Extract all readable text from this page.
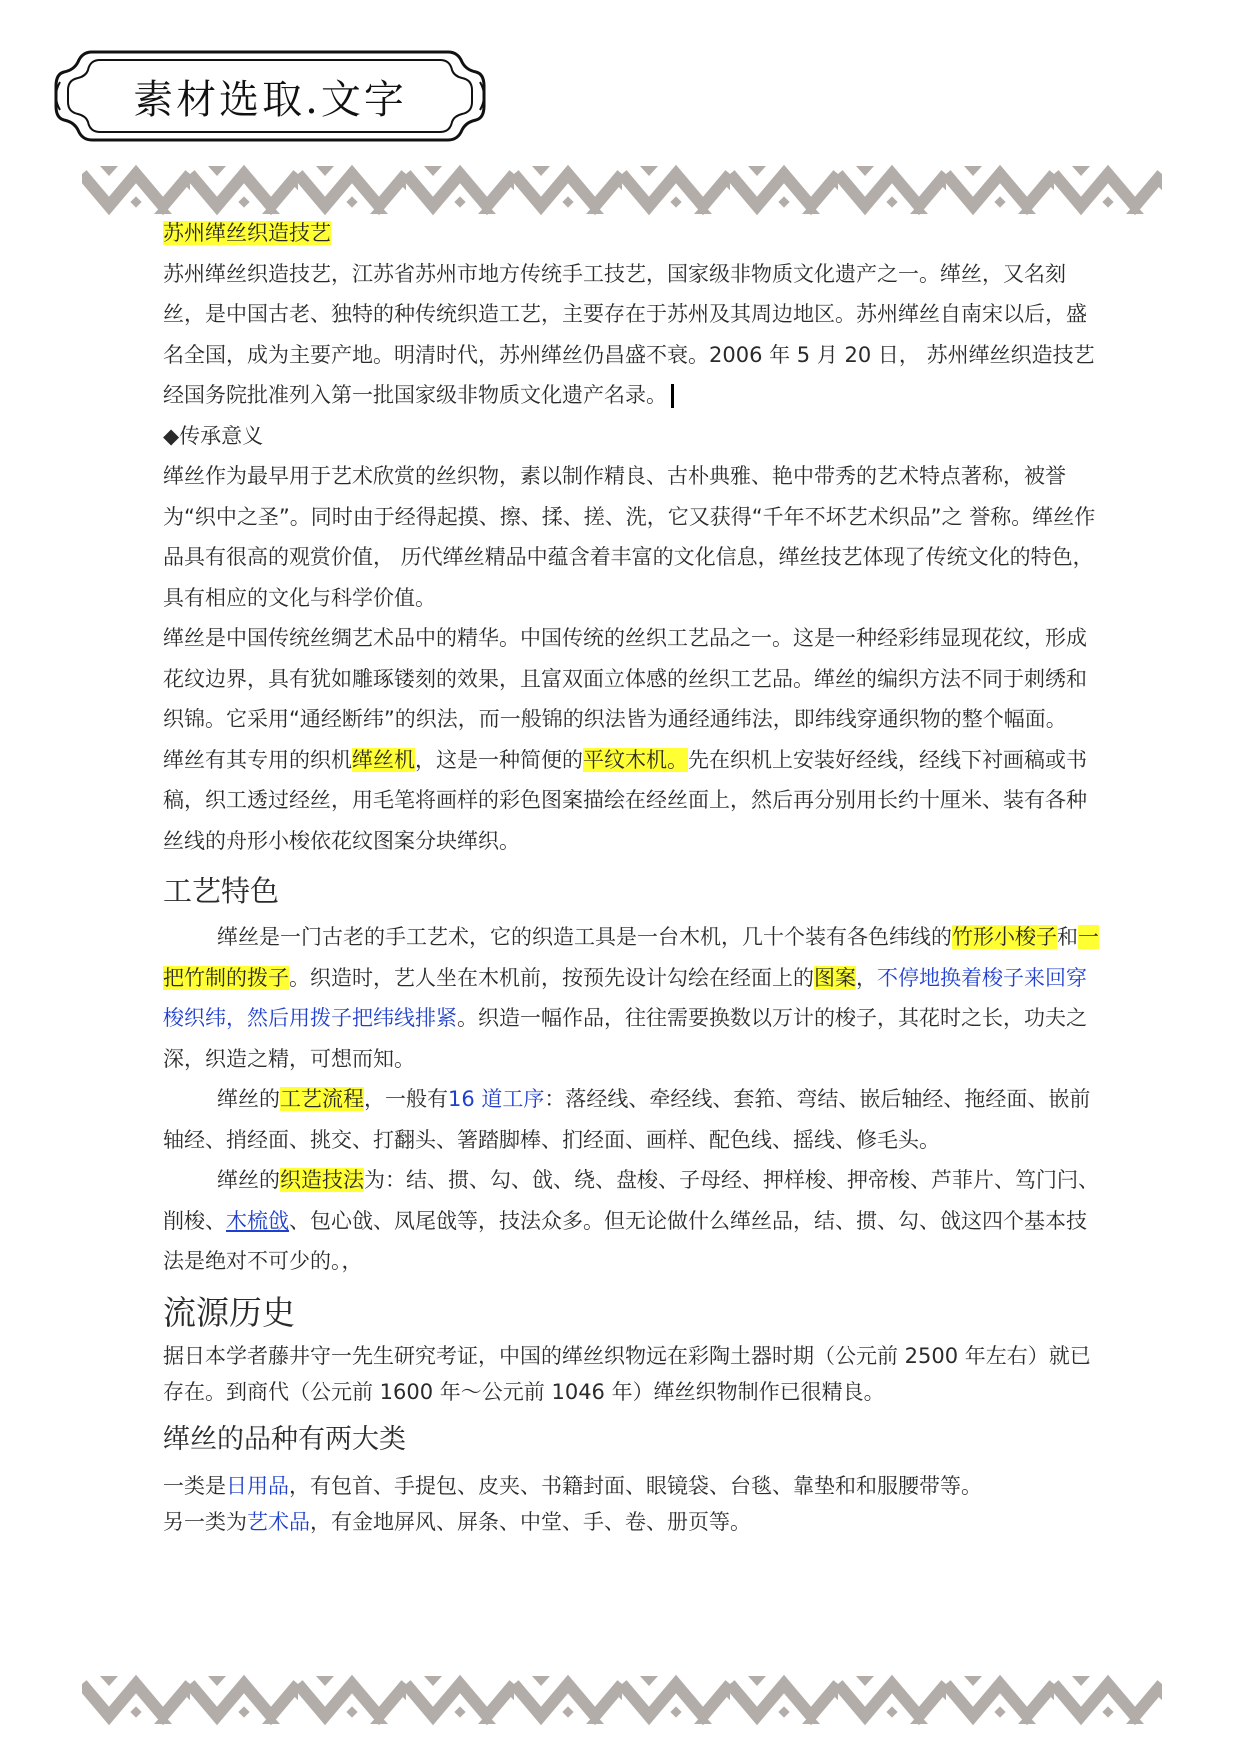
素材选取.文字

苏州缂丝织造技艺

苏州缂丝织造技艺，江苏省苏州市地方传统手工技艺，国家级非物质文化遗产之一。缂丝，又名刻丝，是中国古老、独特的种传统织造工艺，主要存在于苏州及其周边地区。苏州缂丝自南宋以后，盛名全国，成为主要产地。明清时代，苏州缂丝仍昌盛不衰。2006 年 5 月 20 日， 苏州缂丝织造技艺经国务院批准列入第一批国家级非物质文化遗产名录。

◆传承意义

缂丝作为最早用于艺术欣赏的丝织物，素以制作精良、古朴典雅、艳中带秀的艺术特点著称，被誉为“织中之圣”。同时由于经得起摸、擦、揉、搓、洗，它又获得“千年不坏艺术织品”之 誉称。缂丝作品具有很高的观赏价值， 历代缂丝精品中蕴含着丰富的文化信息，缂丝技艺体现了传统文化的特色，具有相应的文化与科学价值。

缂丝是中国传统丝绸艺术品中的精华。中国传统的丝织工艺品之一。这是一种经彩纬显现花纹，形成花纹边界，具有犹如雕琢镂刻的效果，且富双面立体感的丝织工艺品。缂丝的编织方法不同于刺绣和织锦。它采用“通经断纬”的织法，而一般锦的织法皆为通经通纬法，即纬线穿通织物的整个幅面。

缂丝有其专用的织机缂丝机，这是一种简便的平纹木机。先在织机上安装好经线，经线下衬画稿或书稿，织工透过经丝，用毛笔将画样的彩色图案描绘在经丝面上，然后再分别用长约十厘米、装有各种丝线的舟形小梭依花纹图案分块缂织。

工艺特色

缂丝是一门古老的手工艺术，它的织造工具是一台木机，几十个装有各色纬线的竹形小梭子和一把竹制的拨子。织造时，艺人坐在木机前，按预先设计勾绘在经面上的图案，不停地换着梭子来回穿梭织纬，然后用拨子把纬线排紧。织造一幅作品，往往需要换数以万计的梭子，其花时之长，功夫之深，织造之精，可想而知。

缂丝的工艺流程，一般有16 道工序：落经线、牵经线、套筘、弯结、嵌后轴经、拖经面、嵌前轴经、捎经面、挑交、打翻头、箸踏脚棒、扪经面、画样、配色线、摇线、修毛头。

缂丝的织造技法为：结、掼、勾、戗、绕、盘梭、子母经、押样梭、押帝梭、芦菲片、笃门闩、削梭、木梳戗、包心戗、凤尾戗等，技法众多。但无论做什么缂丝品，结、掼、勾、戗这四个基本技法是绝对不可少的。，

流源历史

据日本学者藤井守一先生研究考证，中国的缂丝织物远在彩陶土器时期（公元前 2500 年左右）就已存在。到商代（公元前 1600 年～公元前 1046 年）缂丝织物制作已很精良。

缂丝的品种有两大类

一类是日用品，有包首、手提包、皮夹、书籍封面、眼镜袋、台毯、靠垫和和服腰带等。

另一类为艺术品，有金地屏风、屏条、中堂、手、卷、册页等。
